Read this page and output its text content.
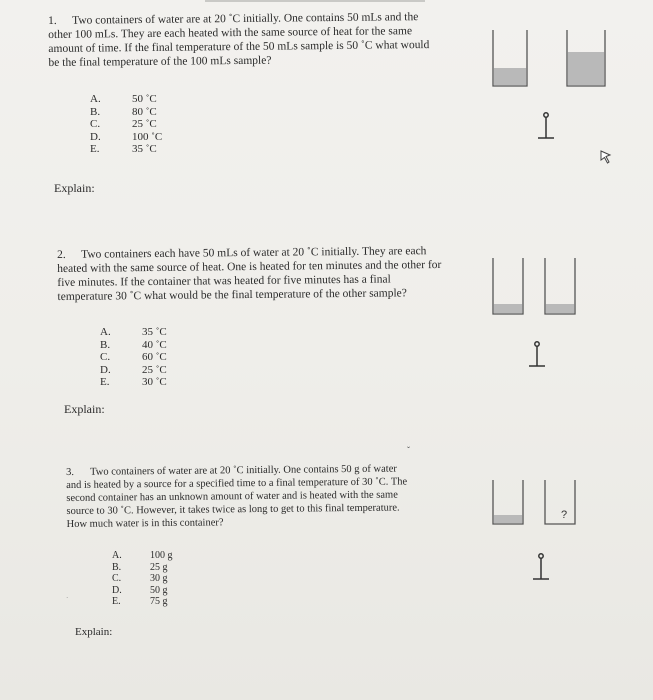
1. Two containers of water are at 20 ˚C initially. One contains 50 mLs and the
other 100 mLs. They are each heated with the same source of heat for the same
amount of time. If the final temperature of the 50 mLs sample is 50 ˚C what would
be the final temperature of the 100 mLs sample?

A.	50 ˚C
B.	80 ˚C
C.	25 ˚C
D.	100 ˚C
E.	35 ˚C
Explain:

2. Two containers each have 50 mLs of water at 20 ˚C initially. They are each
heated with the same source of heat. One is heated for ten minutes and the other for
five minutes. If the container that was heated for five minutes has a final
temperature 30 ˚C what would be the final temperature of the other sample?

A.	35 ˚C
B.	40 ˚C
C.	60 ˚C
D.	25 ˚C
E.	30 ˚C
Explain:
ˇ

3. Two containers of water are at 20 ˚C initially. One contains 50 g of water
and is heated by a source for a specified time to a final temperature of 30 ˚C. The
second container has an unknown amount of water and is heated with the same
source to 30 ˚C. However, it takes twice as long to get to this final temperature.
How much water is in this container?

A.	100 g
B.	25 g
C.	30 g
D.	50 g
E.	75 g
Explain:
·
?
